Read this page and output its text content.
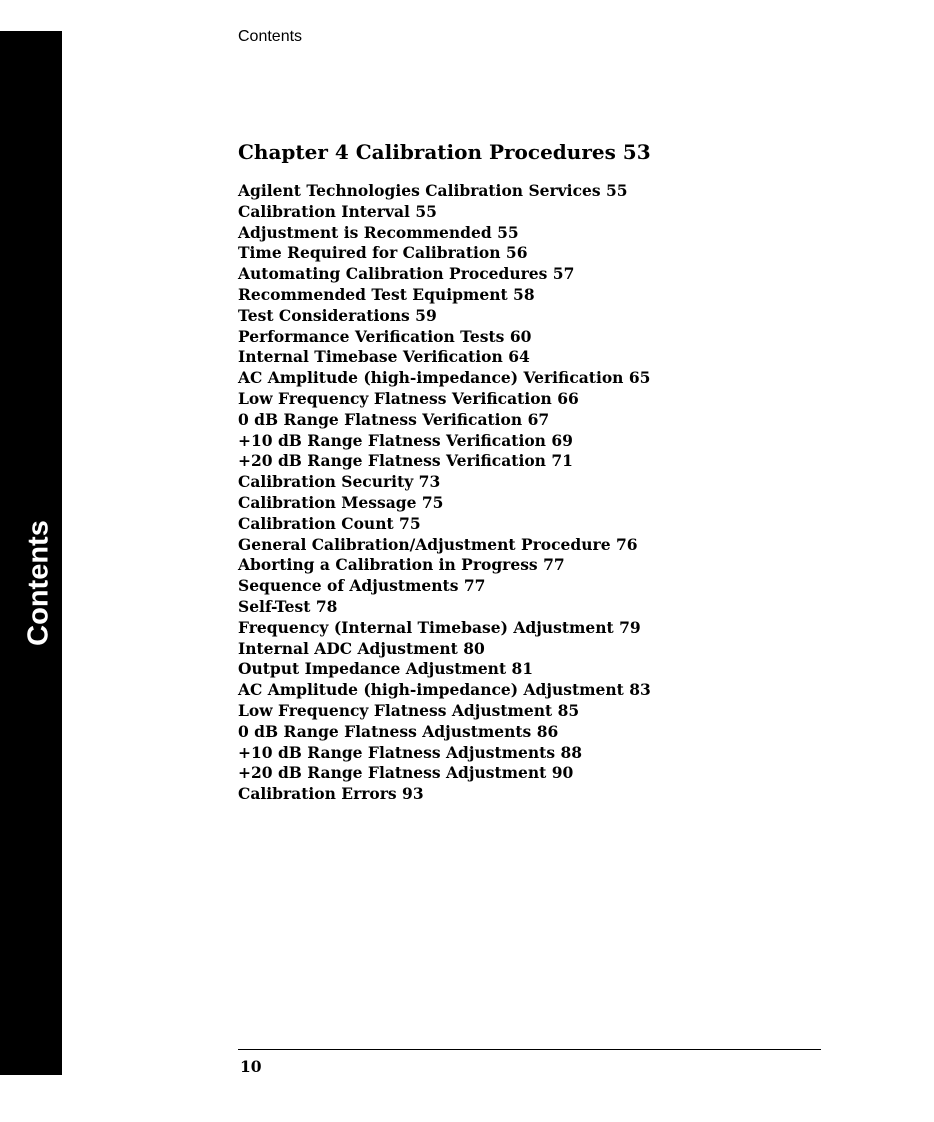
Contents
Contents
Chapter 4 Calibration Procedures 53
Agilent Technologies Calibration Services 55
Calibration Interval 55
Adjustment is Recommended 55
Time Required for Calibration 56
Automating Calibration Procedures 57
Recommended Test Equipment 58
Test Considerations 59
Performance Verification Tests 60
Internal Timebase Verification 64
AC Amplitude (high-impedance) Verification 65
Low Frequency Flatness Verification 66
0 dB Range Flatness Verification 67
+10 dB Range Flatness Verification 69
+20 dB Range Flatness Verification 71
Calibration Security 73
Calibration Message 75
Calibration Count 75
General Calibration/Adjustment Procedure 76
Aborting a Calibration in Progress 77
Sequence of Adjustments 77
Self-Test 78
Frequency (Internal Timebase) Adjustment 79
Internal ADC Adjustment 80
Output Impedance Adjustment 81
AC Amplitude (high-impedance) Adjustment 83
Low Frequency Flatness Adjustment 85
0 dB Range Flatness Adjustments 86
+10 dB Range Flatness Adjustments 88
+20 dB Range Flatness Adjustment 90
Calibration Errors 93
10
